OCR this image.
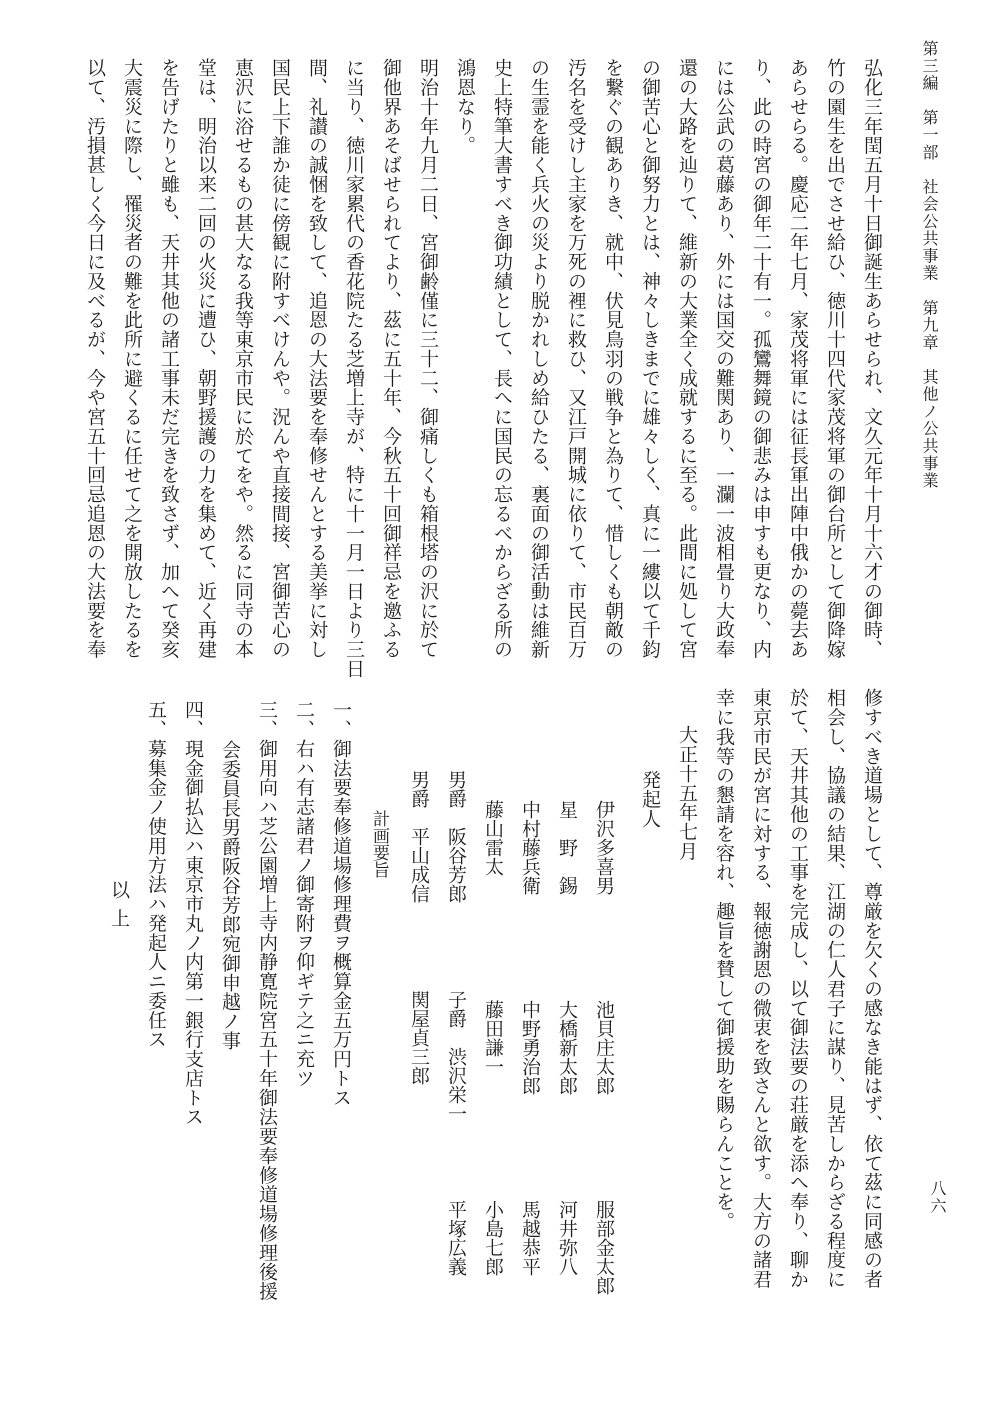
第三編　第一部　社会公共事業　第九章　其他ノ公共事業
八六
弘化三年閏五月十日御誕生あらせられ、文久元年十月十六才の御時、
竹の園生を出でさせ給ひ、徳川十四代家茂将軍の御台所として御降嫁
あらせらる。慶応二年七月、家茂将軍には征長軍出陣中俄かの薨去あ
り、此の時宮の御年二十有一。孤鸞舞鏡の御悲みは申すも更なり、内
には公武の葛藤あり、外には国交の難関あり、一瀾一波相畳り大政奉
還の大路を辿りて、維新の大業全く成就するに至る。此間に処して宮
の御苦心と御努力とは、神々しきまでに雄々しく、真に一縷以て千鈞
を繋ぐの観ありき、就中、伏見鳥羽の戦争と為りて、惜しくも朝敵の
汚名を受けし主家を万死の裡に救ひ、又江戸開城に依りて、市民百万
の生霊を能く兵火の災より脱かれしめ給ひたる、裏面の御活動は維新
史上特筆大書すべき御功績として、長へに国民の忘るべからざる所の
鴻恩なり。
明治十年九月二日、宮御齢僅に三十二、御痛しくも箱根塔の沢に於て
御他界あそばせられてより、茲に五十年、今秋五十回御祥忌を邀ふる
に当り、徳川家累代の香花院たる芝増上寺が、特に十一月一日より三日
間、礼讃の誠悃を致して、追恩の大法要を奉修せんとする美挙に対し
国民上下誰か徒に傍観に附すべけんや。況んや直接間接、宮御苦心の
恵沢に浴せるもの甚大なる我等東京市民に於てをや。然るに同寺の本
堂は、明治以来二回の火災に遭ひ、朝野援護の力を集めて、近く再建
を告げたりと雖も、天井其他の諸工事未だ完きを致さず、加へて癸亥
大震災に際し、罹災者の難を此所に避くるに任せて之を開放したるを
以て、汚損甚しく今日に及べるが、今や宮五十回忌追恩の大法要を奉
修すべき道場として、尊厳を欠くの感なき能はず、依て茲に同感の者
相会し、協議の結果、江湖の仁人君子に謀り、見苦しからざる程度に
於て、天井其他の工事を完成し、以て御法要の荘厳を添へ奉り、聊か
東京市民が宮に対する、報徳謝恩の微衷を致さんと欲す。大方の諸君
幸に我等の懇請を容れ、趣旨を賛して御援助を賜らんことを。
大正十五年七月
発起人
伊沢多喜男
池貝庄太郎
服部金太郎
星　野　錫
大橋新太郎
河井弥八
中村藤兵衛
中野勇治郎
馬越恭平
藤山雷太
藤田謙一
小島七郎
男爵　阪谷芳郎
子爵　渋沢栄一
平塚広義
男爵　平山成信
関屋貞三郎
計画要旨
一、御法要奉修道場修理費ヲ概算金五万円トス
二、右ハ有志諸君ノ御寄附ヲ仰ギテ之ニ充ツ
三、御用向ハ芝公園増上寺内静寛院宮五十年御法要奉修道場修理後援
会委員長男爵阪谷芳郎宛御申越ノ事
四、現金御払込ハ東京市丸ノ内第一銀行支店トス
五、募集金ノ使用方法ハ発起人ニ委任ス
以上
